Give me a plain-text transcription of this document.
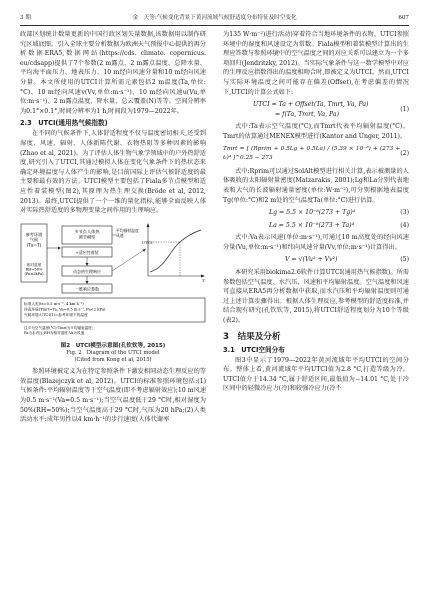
3 期	金　天等:气候变化背景下黄河流域气候舒适度分布特征及时空变化	607

政部区划统计数量更新的中国行政区划矢量数据,该数据用以制作研究区域底图。引入全球主要分析数据为欧洲天气预报中心提供的再分析数据ERA5,数据网站(https://cds. climate. copernicus. eu/cdsapp)提供了7个参数(2 m露点、2 m露点温度、总降水量、平均海平面压力、地表压力、10 m经向风速分量和10 m经向风速分量。本文所使用的UTCI计算所需元素包括2 m温度(Ta,单位:°C)、10 m经向风速v(Vv,单位:m·s⁻¹)、10 m经向风速u(Vu,单位:m·s⁻¹)、2 m露点温度、降水量、总云覆盖(N)等等。空间分辨率为0.1°×0.1°,时间分辨率为1 h,时间段为1979—2022年。

2.3　UTCI(通用热气候指数)

在不同的气候条件下,人体舒适程度不仅与温度密切相关,还受到湿度、风速、辐射、人体新陈代谢、衣物热阻等多种因素的影响(Zhao et al, 2021)。为了评估人体生物气象学领域中的户外热舒适度,研究引入了UTCI,其通过模拟人体在变化气象条件下的热状态来确定环境温度与人体产生的影响,是目前国际上评估气候舒适度的最主要和最有效的方法。UTCI模型主要包括了Fiala多节点模型和适应性着装模型(图2),其原理为热生理交换(Bröde et al, 2012, 2013)。最终,UTCI提供了一个一维的量化指标,能够全面反映人体对实际热舒适度的多物理变量之间作用的生理响应。

参考环境气候(Ta=T)
相对湿度 RH=50% (Pa≤2kPa)
多节点人体热调节模型
+适应性着装
动态热生理响应
一维响应参数
平均辐射温度风速
UTCI
T
标准人类(ts=0.5 m·s⁻¹, 4 km·h⁻¹) 体表环境(Tmrt=Ta, Va=0.5 m·s⁻¹, Pa<2 kPa) 气候环境:UTCI(1)=参考环境下的温度
注:T为空气温度(°C);Tmrt为平均辐射温度; Pa为水汽压;RH为相对湿度;Va为风速

图2　UTCI模型示意图(孔钦钦等, 2015)

Fig. 2　Diagram of the UTCI model

(Cited from Kong et al, 2015)

参照环境被定义为在特定参照条件下激发相同动态生理反应的等效温度(Blazejczyk et al, 2012)。UTCI的标准参照环境包括:(1)气候条件:平均辐射温度等于空气温度(即不考虑辐射效应);10 m风速为0.5 m·s⁻¹(Va=0.5 m·s⁻¹);当空气温度低于29 °C时,相对湿度为50%(RH=50%);当空气温度高于29 °C时,气压为20 hPa;(2)人类活动水平:成年男性以4 km·h⁻¹的步行速度(人体代谢率

为135 W·m⁻²)进行活动)穿着符合当地环境条件的衣物。UTCI参照环境中的湿度和风速设定为常数。Fiala模型和着装模型计算出的生理应答数与参照环境中的空气温度之间的对应关系可以建立为一个多项回归(Jendritzky, 2012)。当实际气象条件与这一数学模型中对应的生理反应指数得出的温度相吻合时,即被定义为UTCI。然而,UTCI与实际环境温度之间可能存在偏差(Offset),在考虑偏差的情况下,UTCI的计算公式如下:

UTCI = Ta + Offset(Ta, Tmrt, Va, Pa)
= f(Ta, Tmrt, Va, Pa)
(1)

式中:Ta表示空气温度(°C),而Tmrt代表平均辐射温度(°C)。Tmrt的估算通过MENEX模型进行(Kantor and Unger, 2011)。

Tmrt = [ (Rprim + 0.5Lg + 0.5La) / (5.39 × 10⁻⁸) + (273 + tᵢ)⁴ ]^0.25 − 273
(2)

式中:Rprim可以通过SolAlt模型进行相关计算,表示被测量的人体吸收的太阳辐射量密度(Matzarakis, 2001);Lg和La分别代表地表和大气的长波辐射通量密度(单位:W·m⁻²),可分别根据地表温度Tg(单位:°C)和2 m处的空气温度Ta(单位:°C)进行估算。

Lg = 5.5 × 10⁻⁸(273 + Tg)⁴	(3)
La = 5.5 × 10⁻⁸(273 + Ta)⁴	(4)

式中:Va表示风速(单位:m·s⁻¹),可通过10 m高度处的经向风速分量(Vu,单位:m·s⁻¹)和纬向风速分量(Vv,单位:m·s⁻¹)计算得出。

V = √(Vu² + Vv²)	(5)

本研究采用biokima2.6软件计算UTCI(通用热气候指数)。所需参数包括空气温度、水汽压、风速和平均辐射温度。空气温度和风速可直接从ERA5再分析数据中获取,而水汽压和平均辐射温度则可通过上述计算步骤得出。根据人体生理反应,参考模型的舒适度标准,并结合现有研究(孔钦钦等, 2015),将UTCI舒适程度划分为10个等级(表2)。

3　结果及分析
3.1　UTCI空间分布

图3中显示了1979—2022年黄河流域年平均UTCI的空间分布。整体上看,黄河流域年平均UTCI值为2.8 °C,打造等级为冷。UTCI值介于14.34 °C,属于舒适区间,最低值为−14.01 °C,处于冷区间中的轻微冷应力(冷)和较强冷应力(冷不
